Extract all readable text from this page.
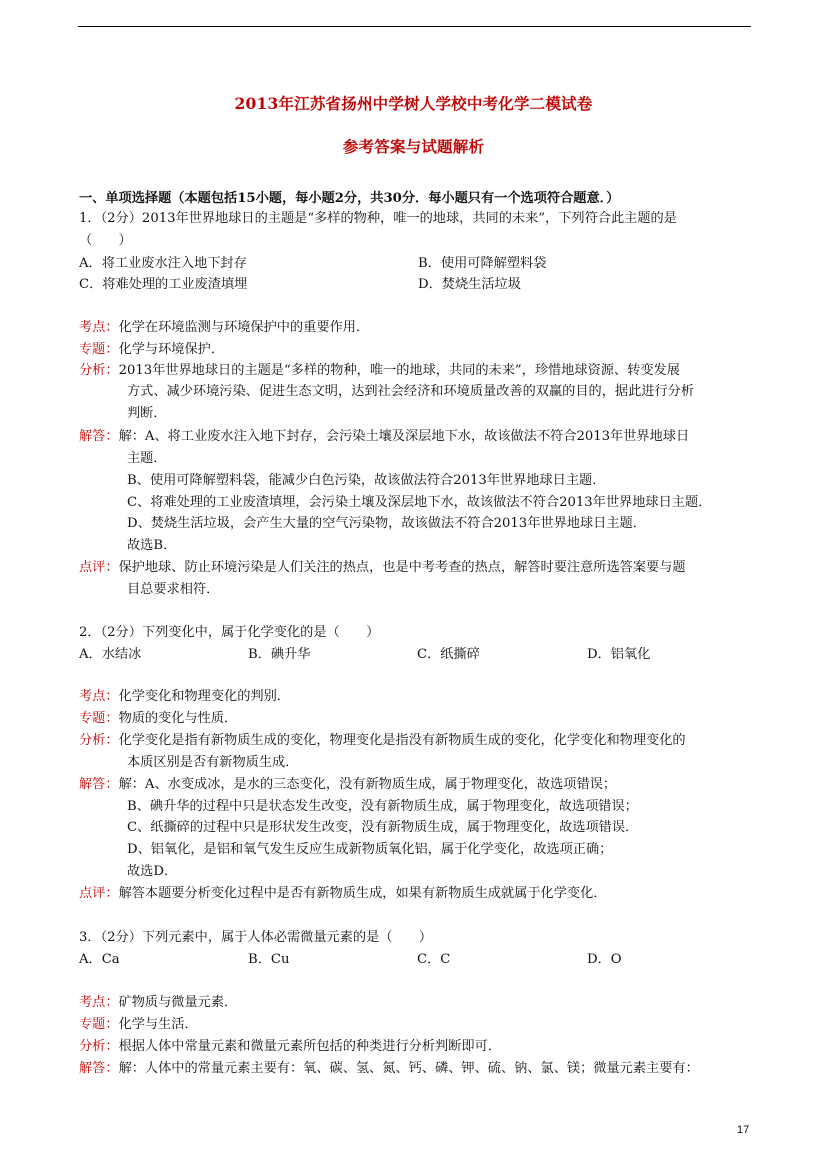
2013年江苏省扬州中学树人学校中考化学二模试卷
参考答案与试题解析
一、单项选择题（本题包括15小题，每小题2分，共30分．每小题只有一个选项符合题意．）
1．（2分）2013年世界地球日的主题是“多样的物种，唯一的地球，共同的未来”，下列符合此主题的是
（　　）
A．将工业废水注入地下封存	B．使用可降解塑料袋
C．将难处理的工业废渣填埋	D．焚烧生活垃圾
考点：化学在环境监测与环境保护中的重要作用．
专题：化学与环境保护．
分析：2013年世界地球日的主题是“多样的物种，唯一的地球，共同的未来”，珍惜地球资源、转变发展
方式、减少环境污染、促进生态文明，达到社会经济和环境质量改善的双赢的目的，据此进行分析
判断．
解答：解：A、将工业废水注入地下封存，会污染土壤及深层地下水，故该做法不符合2013年世界地球日
主题．
B、使用可降解塑料袋，能减少白色污染，故该做法符合2013年世界地球日主题．
C、将难处理的工业废渣填埋，会污染土壤及深层地下水，故该做法不符合2013年世界地球日主题．
D、焚烧生活垃圾，会产生大量的空气污染物，故该做法不符合2013年世界地球日主题．
故选B．
点评：保护地球、防止环境污染是人们关注的热点，也是中考考查的热点，解答时要注意所选答案要与题
目总要求相符．
2．（2分）下列变化中，属于化学变化的是（　　）
A．水结冰	B．碘升华	C．纸撕碎	D．铝氧化
考点：化学变化和物理变化的判别．
专题：物质的变化与性质．
分析：化学变化是指有新物质生成的变化，物理变化是指没有新物质生成的变化，化学变化和物理变化的
本质区别是否有新物质生成．
解答：解：A、水变成冰，是水的三态变化，没有新物质生成，属于物理变化，故选项错误；
B、碘升华的过程中只是状态发生改变，没有新物质生成，属于物理变化，故选项错误；
C、纸撕碎的过程中只是形状发生改变，没有新物质生成，属于物理变化，故选项错误．
D、铝氧化，是铝和氧气发生反应生成新物质氧化铝，属于化学变化，故选项正确；
故选D．
点评：解答本题要分析变化过程中是否有新物质生成，如果有新物质生成就属于化学变化．
3．（2分）下列元素中，属于人体必需微量元素的是（　　）
A．Ca	B．Cu	C．C	D．O
考点：矿物质与微量元素．
专题：化学与生活．
分析：根据人体中常量元素和微量元素所包括的种类进行分析判断即可．
解答：解：人体中的常量元素主要有：氧、碳、氢、氮、钙、磷、钾、硫、钠、氯、镁；微量元素主要有：
17
